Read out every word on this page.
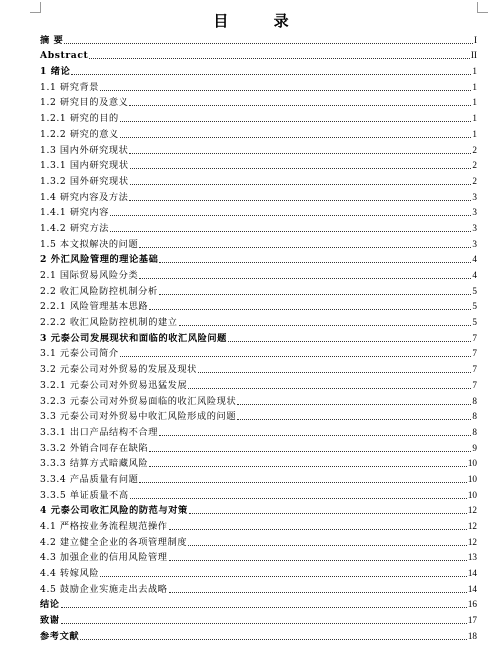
目 录
摘 要	I
Abstract	II
1 绪论	1
1.1 研究背景	1
1.2 研究目的及意义	1
1.2.1 研究的目的	1
1.2.2 研究的意义	1
1.3 国内外研究现状	2
1.3.1 国内研究现状	2
1.3.2 国外研究现状	2
1.4 研究内容及方法	3
1.4.1 研究内容	3
1.4.2 研究方法	3
1.5 本文拟解决的问题	3
2 外汇风险管理的理论基础	4
2.1 国际贸易风险分类	4
2.2 收汇风险防控机制分析	5
2.2.1 风险管理基本思路	5
2.2.2 收汇风险防控机制的建立	5
3 元泰公司发展现状和面临的收汇风险问题	7
3.1 元泰公司简介	7
3.2 元泰公司对外贸易的发展及现状	7
3.2.1 元泰公司对外贸易迅猛发展	7
3.2.3 元泰公司对外贸易面临的收汇风险现状	8
3.3 元泰公司对外贸易中收汇风险形成的问题	8
3.3.1 出口产品结构不合理	8
3.3.2 外销合同存在缺陷	9
3.3.3 结算方式暗藏风险	10
3.3.4 产品质量有问题	10
3.3.5 单证质量不高	10
4 元泰公司收汇风险的防范与对策	12
4.1 严格按业务流程规范操作	12
4.2 建立健全企业的各项管理制度	12
4.3 加强企业的信用风险管理	13
4.4 转嫁风险	14
4.5 鼓励企业实施走出去战略	14
结论	16
致谢	17
参考文献	18
